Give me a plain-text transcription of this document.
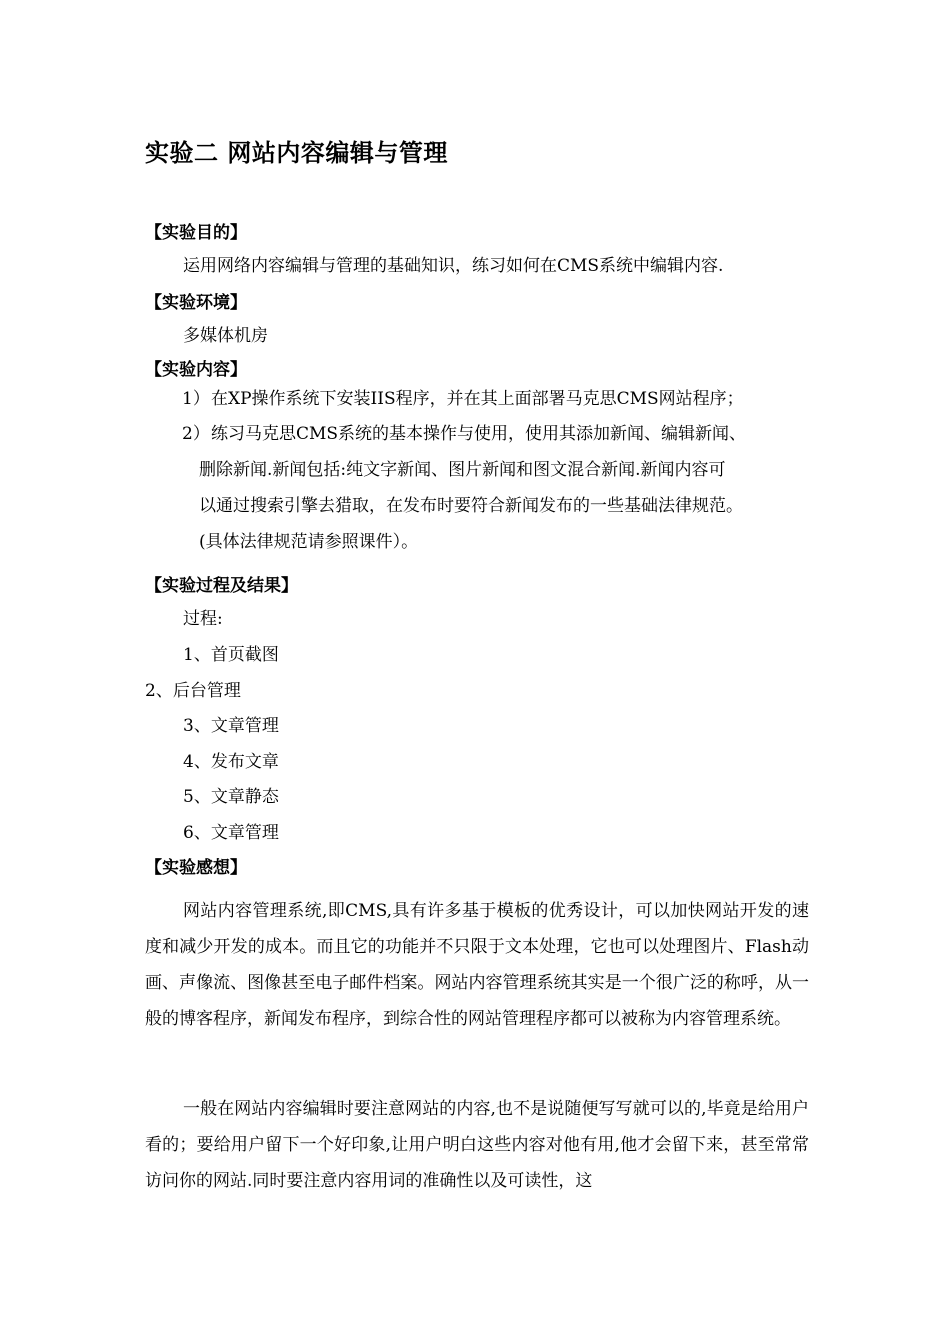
实验二 网站内容编辑与管理
【实验目的】
运用网络内容编辑与管理的基础知识，练习如何在CMS系统中编辑内容.
【实验环境】
多媒体机房
【实验内容】
1）在XP操作系统下安装IIS程序，并在其上面部署马克思CMS网站程序；
2）练习马克思CMS系统的基本操作与使用，使用其添加新闻、编辑新闻、
删除新闻.新闻包括:纯文字新闻、图片新闻和图文混合新闻.新闻内容可
以通过搜索引擎去猎取，在发布时要符合新闻发布的一些基础法律规范。
(具体法律规范请参照课件）。
【实验过程及结果】
过程:
1、首页截图
2、后台管理
3、文章管理
4、发布文章
5、文章静态
6、文章管理
【实验感想】
网站内容管理系统,即CMS,具有许多基于模板的优秀设计，可以加快网站开发的速度和减少开发的成本。而且它的功能并不只限于文本处理，它也可以处理图片、Flash动画、声像流、图像甚至电子邮件档案。网站内容管理系统其实是一个很广泛的称呼，从一般的博客程序，新闻发布程序，到综合性的网站管理程序都可以被称为内容管理系统。
一般在网站内容编辑时要注意网站的内容,也不是说随便写写就可以的,毕竟是给用户看的；要给用户留下一个好印象,让用户明白这些内容对他有用,他才会留下来，甚至常常访问你的网站.同时要注意内容用词的准确性以及可读性，这
